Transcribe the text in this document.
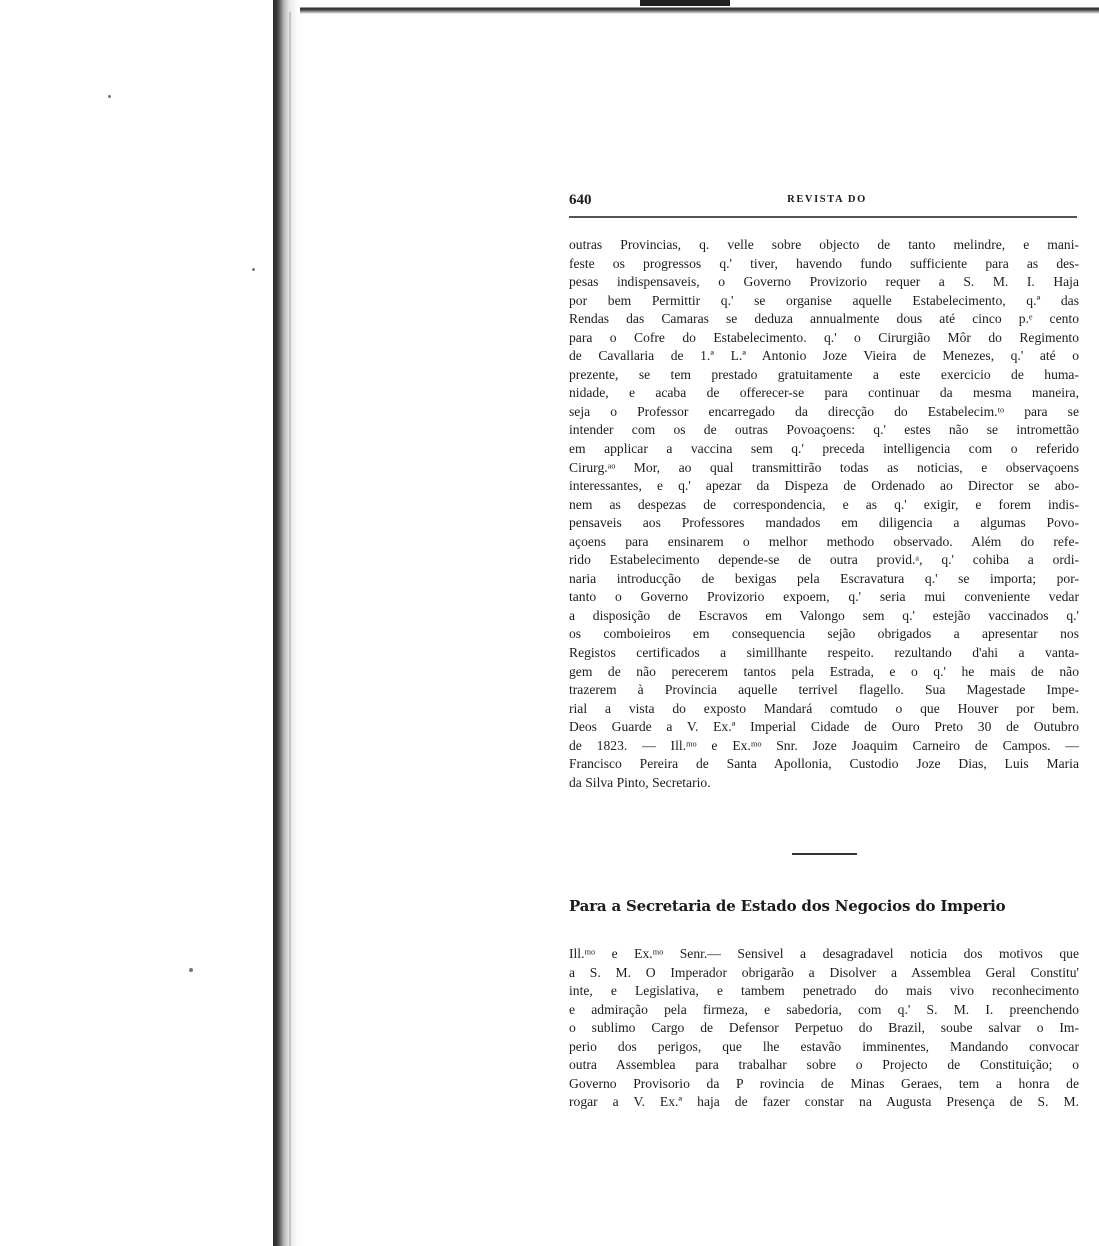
640	REVISTA DO
outras Provincias, q. velle sobre objecto de tanto melindre, e mani-
feste os progressos q.' tiver, havendo fundo sufficiente para as des-
pesas indispensaveis, o Governo Provizorio requer a S. M. I. Haja
por bem Permittir q.' se organise aquelle Estabelecimento, q.ª das
Rendas das Camaras se deduza annualmente dous até cinco p.ᵉ cento
para o Cofre do Estabelecimento. q.' o Cirurgião Môr do Regimento
de Cavallaria de 1.ª L.ª Antonio Joze Vieira de Menezes, q.' até o
prezente, se tem prestado gratuitamente a este exercicio de huma-
nidade, e acaba de offerecer-se para continuar da mesma maneira,
seja o Professor encarregado da direcção do Estabelecim.ᵗᵒ para se
intender com os de outras Povoaçoens: q.' estes não se intromettão
em applicar a vaccina sem q.' preceda intelligencia com o referido
Cirurg.ᵃᵒ Mor, ao qual transmittirão todas as noticias, e observaçoens
interessantes, e q.' apezar da Dispeza de Ordenado ao Director se abo-
nem as despezas de correspondencia, e as q.' exigir, e forem indis-
pensaveis aos Professores mandados em diligencia a algumas Povo-
açoens para ensinarem o melhor methodo observado. Além do refe-
rido Estabelecimento depende-se de outra provid.ᵃ, q.' cohiba a ordi-
naria introducção de bexigas pela Escravatura q.' se importa; por-
tanto o Governo Provizorio expoem, q.' seria mui conveniente vedar
a disposição de Escravos em Valongo sem q.' estejão vaccinados q.'
os comboieiros em consequencia sejão obrigados a apresentar nos
Registos certificados a simillhante respeito. rezultando d'ahi a vanta-
gem de não perecerem tantos pela Estrada, e o q.' he mais de não
trazerem à Provincia aquelle terrivel flagello. Sua Magestade Impe-
rial a vista do exposto Mandará comtudo o que Houver por bem.
Deos Guarde a V. Ex.ª Imperial Cidade de Ouro Preto 30 de Outubro
de 1823. — Ill.ᵐᵒ e Ex.ᵐᵒ Snr. Joze Joaquim Carneiro de Campos. —
Francisco Pereira de Santa Apollonia, Custodio Joze Dias, Luis Maria
da Silva Pinto, Secretario.
Para a Secretaria de Estado dos Negocios do Imperio
Ill.ᵐᵒ e Ex.ᵐᵒ Senr.— Sensivel a desagradavel noticia dos motivos que
a S. M. O Imperador obrigarão a Disolver a Assemblea Geral Constitu'
inte, e Legislativa, e tambem penetrado do mais vivo reconhecimento
e admiração pela firmeza, e sabedoria, com q.' S. M. I. preenchendo
o sublimo Cargo de Defensor Perpetuo do Brazil, soube salvar o Im-
perio dos perigos, que lhe estavão imminentes, Mandando convocar
outra Assemblea para trabalhar sobre o Projecto de Constituição; o
Governo Provisorio da P rovincia de Minas Geraes, tem a honra de
rogar a V. Ex.ª haja de fazer constar na Augusta Presença de S. M.
